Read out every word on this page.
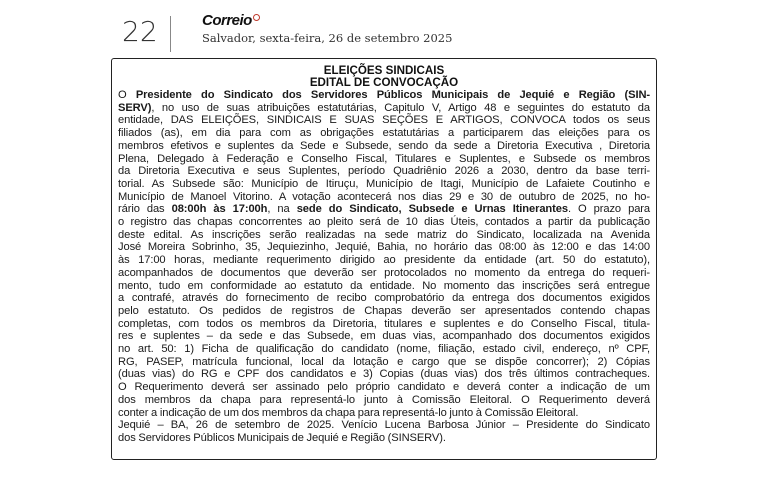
22	Correio
Salvador, sexta-feira, 26 de setembro 2025

ELEIÇÕES SINDICAIS

EDITAL DE CONVOCAÇÃO

O Presidente do Sindicato dos Servidores Públicos Municipais de Jequié e Região (SIN-
SERV), no uso de suas atribuições estatutárias, Capitulo V, Artigo 48 e seguintes do estatuto da
entidade, DAS ELEIÇÕES, SINDICAIS E SUAS SEÇÕES E ARTIGOS, CONVOCA todos os seus
filiados (as), em dia para com as obrigações estatutárias a participarem das eleições para os
membros efetivos e suplentes da Sede e Subsede, sendo da sede a Diretoria Executiva , Diretoria
Plena, Delegado à Federação e Conselho Fiscal, Titulares e Suplentes, e Subsede os membros
da Diretoria Executiva e seus Suplentes, período Quadriênio 2026 a 2030, dentro da base terri-
torial. As Subsede são: Município de Itiruçu, Município de Itagi, Município de Lafaiete Coutinho e
Município de Manoel Vitorino. A votação acontecerá nos dias 29 e 30 de outubro de 2025, no ho-
rário das 08:00h às 17:00h, na sede do Sindicato, Subsede e Urnas Itinerantes. O prazo para
o registro das chapas concorrentes ao pleito será de 10 dias Úteis, contados a partir da publicação
deste edital. As inscrições serão realizadas na sede matriz do Sindicato, localizada na Avenida
José Moreira Sobrinho, 35, Jequiezinho, Jequié, Bahia, no horário das 08:00 às 12:00 e das 14:00
às 17:00 horas, mediante requerimento dirigido ao presidente da entidade (art. 50 do estatuto),
acompanhados de documentos que deverão ser protocolados no momento da entrega do requeri-
mento, tudo em conformidade ao estatuto da entidade. No momento das inscrições será entregue
a contrafé, através do fornecimento de recibo comprobatório da entrega dos documentos exigidos
pelo estatuto. Os pedidos de registros de Chapas deverão ser apresentados contendo chapas
completas, com todos os membros da Diretoria, titulares e suplentes e do Conselho Fiscal, titula-
res e suplentes – da sede e das Subsede, em duas vias, acompanhado dos documentos exigidos
no art. 50: 1) Ficha de qualificação do candidato (nome, filiação, estado civil, endereço, nº CPF,
RG, PASEP, matrícula funcional, local da lotação e cargo que se dispõe concorrer); 2) Cópias
(duas vias) do RG e CPF dos candidatos e 3) Copias (duas vias) dos três últimos contracheques.
O Requerimento deverá ser assinado pelo próprio candidato e deverá conter a indicação de um
dos membros da chapa para representá-lo junto à Comissão Eleitoral. O Requerimento deverá
conter a indicação de um dos membros da chapa para representá-lo junto à Comissão Eleitoral.
Jequié – BA, 26 de setembro de 2025. Venício Lucena Barbosa Júnior – Presidente do Sindicato
dos Servidores Públicos Municipais de Jequié e Região (SINSERV).
